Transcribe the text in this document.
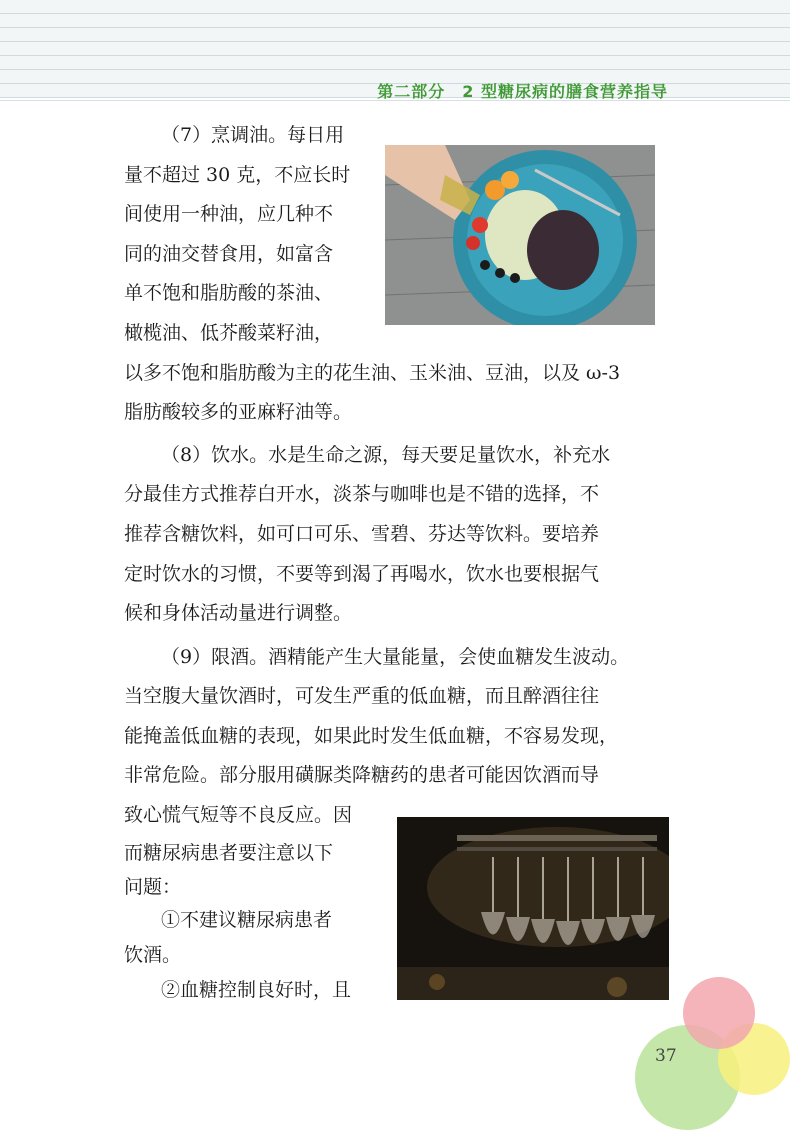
第二部分　2 型糖尿病的膳食营养指导

（7）烹调油。每日用

量不超过 30 克，不应长时

间使用一种油，应几种不

同的油交替食用，如富含

单不饱和脂肪酸的茶油、

橄榄油、低芥酸菜籽油，

以多不饱和脂肪酸为主的花生油、玉米油、豆油，以及 ω-3

脂肪酸较多的亚麻籽油等。

（8）饮水。水是生命之源，每天要足量饮水，补充水

分最佳方式推荐白开水，淡茶与咖啡也是不错的选择，不

推荐含糖饮料，如可口可乐、雪碧、芬达等饮料。要培养

定时饮水的习惯，不要等到渴了再喝水，饮水也要根据气

候和身体活动量进行调整。

（9）限酒。酒精能产生大量能量，会使血糖发生波动。

当空腹大量饮酒时，可发生严重的低血糖，而且醉酒往往

能掩盖低血糖的表现，如果此时发生低血糖，不容易发现，

非常危险。部分服用磺脲类降糖药的患者可能因饮酒而导

致心慌气短等不良反应。因

而糖尿病患者要注意以下

问题：

①不建议糖尿病患者

饮酒。

②血糖控制良好时，且

37
